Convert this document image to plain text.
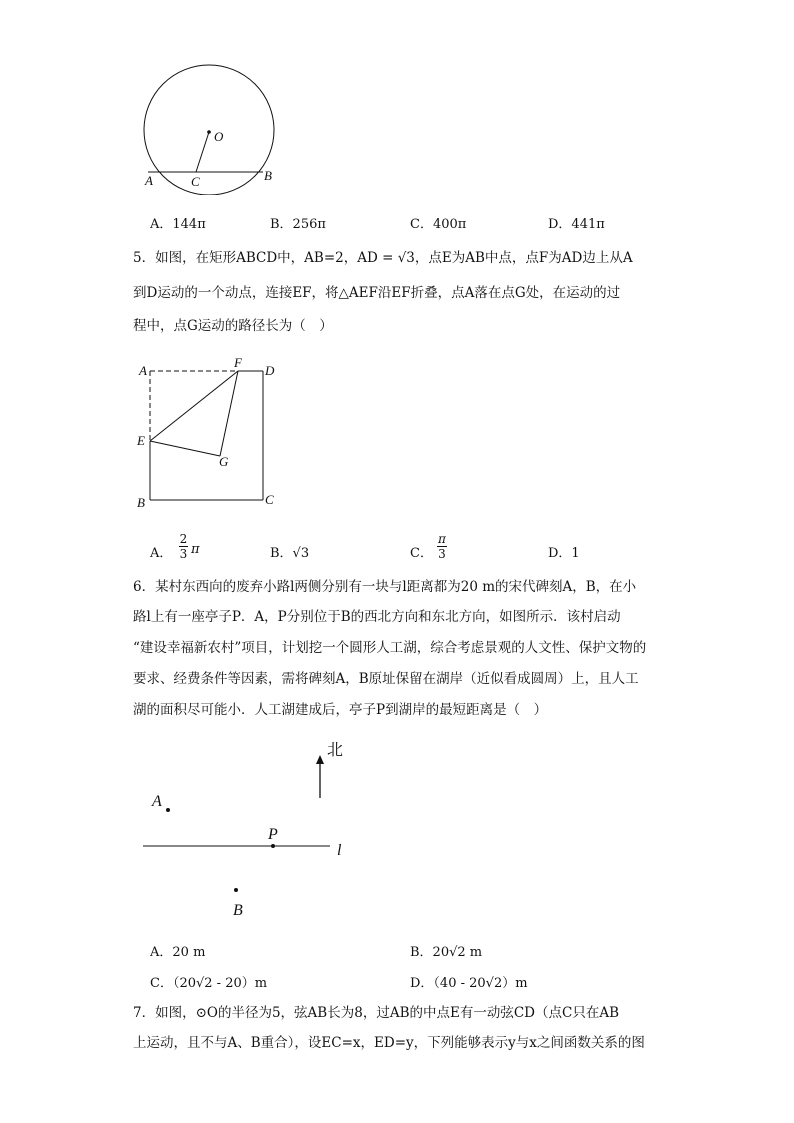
O
A	C	B
A．144π	B．256π	C．400π	D．441π
5．如图，在矩形ABCD中，AB=2，AD = √3，点E为AB中点，点F为AD边上从A
到D运动的一个动点，连接EF，将△AEF沿EF折叠，点A落在点G处，在运动的过
程中，点G运动的路径长为（　）
A
F
D
E
G
B	C
A．
2
3 π	B．√3	C．
π
3	D．1
6．某村东西向的废弃小路l两侧分别有一块与l距离都为20 m的宋代碑刻A，B，在小
路l上有一座亭子P．A，P分别位于B的西北方向和东北方向，如图所示．该村启动
“建设幸福新农村”项目，计划挖一个圆形人工湖，综合考虑景观的人文性、保护文物的
要求、经费条件等因素，需将碑刻A，B原址保留在湖岸（近似看成圆周）上，且人工
湖的面积尽可能小．人工湖建成后，亭子P到湖岸的最短距离是（　）
北
A
P
l
B
A．20 m	B．20√2 m
C．（20√2 - 20）m	D．（40 - 20√2）m
7．如图，⊙O的半径为5，弦AB长为8，过AB的中点E有一动弦CD（点C只在AB
上运动，且不与A、B重合），设EC=x，ED=y，下列能够表示y与x之间函数关系的图
